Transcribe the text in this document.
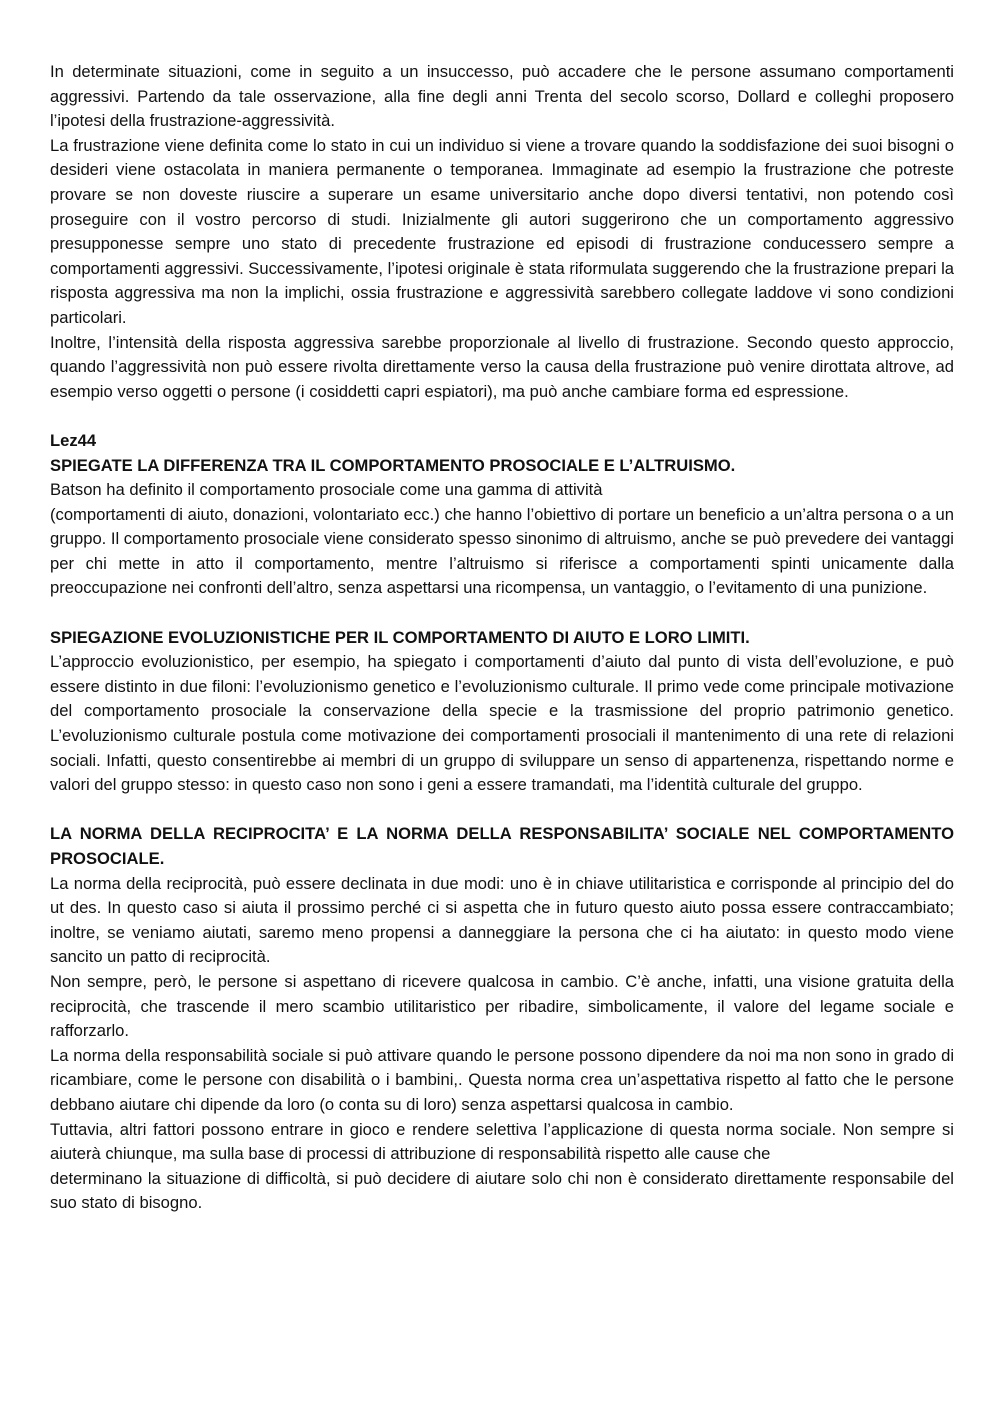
In determinate situazioni, come in seguito a un insuccesso, può accadere che le persone assumano comportamenti aggressivi. Partendo da tale osservazione, alla fine degli anni Trenta del secolo scorso, Dollard e colleghi proposero l’ipotesi della frustrazione-aggressività.

La frustrazione viene definita come lo stato in cui un individuo si viene a trovare quando la soddisfazione dei suoi bisogni o desideri viene ostacolata in maniera permanente o temporanea. Immaginate ad esempio la frustrazione che potreste provare se non doveste riuscire a superare un esame universitario anche dopo diversi tentativi, non potendo così proseguire con il vostro percorso di studi. Inizialmente gli autori suggerirono che un comportamento aggressivo presupponesse sempre uno stato di precedente frustrazione ed episodi di frustrazione conducessero sempre a comportamenti aggressivi. Successivamente, l’ipotesi originale è stata riformulata suggerendo che la frustrazione prepari la risposta aggressiva ma non la implichi, ossia frustrazione e aggressività sarebbero collegate laddove vi sono condizioni particolari.

Inoltre, l’intensità della risposta aggressiva sarebbe proporzionale al livello di frustrazione. Secondo questo approccio, quando l’aggressività non può essere rivolta direttamente verso la causa della frustrazione può venire dirottata altrove, ad esempio verso oggetti o persone (i cosiddetti capri espiatori), ma può anche cambiare forma ed espressione.

Lez44

SPIEGATE LA DIFFERENZA TRA IL COMPORTAMENTO PROSOCIALE E L’ALTRUISMO.

Batson ha definito il comportamento prosociale come una gamma di attività

(comportamenti di aiuto, donazioni, volontariato ecc.) che hanno l’obiettivo di portare un beneficio a un’altra persona o a un gruppo. Il comportamento prosociale viene considerato spesso sinonimo di altruismo, anche se può prevedere dei vantaggi per chi mette in atto il comportamento, mentre l’altruismo si riferisce a comportamenti spinti unicamente dalla preoccupazione nei confronti dell’altro, senza aspettarsi una ricompensa, un vantaggio, o l’evitamento di una punizione.

SPIEGAZIONE EVOLUZIONISTICHE PER IL COMPORTAMENTO DI AIUTO E LORO LIMITI.

L’approccio evoluzionistico, per esempio, ha spiegato i comportamenti d’aiuto dal punto di vista dell’evoluzione, e può essere distinto in due filoni: l’evoluzionismo genetico e l’evoluzionismo culturale. Il primo vede come principale motivazione del comportamento prosociale la conservazione della specie e la trasmissione del proprio patrimonio genetico. L’evoluzionismo culturale postula come motivazione dei comportamenti prosociali il mantenimento di una rete di relazioni sociali. Infatti, questo consentirebbe ai membri di un gruppo di sviluppare un senso di appartenenza, rispettando norme e valori del gruppo stesso: in questo caso non sono i geni a essere tramandati, ma l’identità culturale del gruppo.

LA NORMA DELLA RECIPROCITA’ E LA NORMA DELLA RESPONSABILITA’ SOCIALE NEL COMPORTAMENTO PROSOCIALE.

La norma della reciprocità, può essere declinata in due modi: uno è in chiave utilitaristica e corrisponde al principio del do ut des. In questo caso si aiuta il prossimo perché ci si aspetta che in futuro questo aiuto possa essere contraccambiato; inoltre, se veniamo aiutati, saremo meno propensi a danneggiare la persona che ci ha aiutato: in questo modo viene sancito un patto di reciprocità.

Non sempre, però, le persone si aspettano di ricevere qualcosa in cambio. C’è anche, infatti, una visione gratuita della reciprocità, che trascende il mero scambio utilitaristico per ribadire, simbolicamente, il valore del legame sociale e rafforzarlo.

La norma della responsabilità sociale si può attivare quando le persone possono dipendere da noi ma non sono in grado di ricambiare, come le persone con disabilità o i bambini,. Questa norma crea un’aspettativa rispetto al fatto che le persone debbano aiutare chi dipende da loro (o conta su di loro) senza aspettarsi qualcosa in cambio.

Tuttavia, altri fattori possono entrare in gioco e rendere selettiva l’applicazione di questa norma sociale. Non sempre si aiuterà chiunque, ma sulla base di processi di attribuzione di responsabilità rispetto alle cause che

determinano la situazione di difficoltà, si può decidere di aiutare solo chi non è considerato direttamente responsabile del suo stato di bisogno.
